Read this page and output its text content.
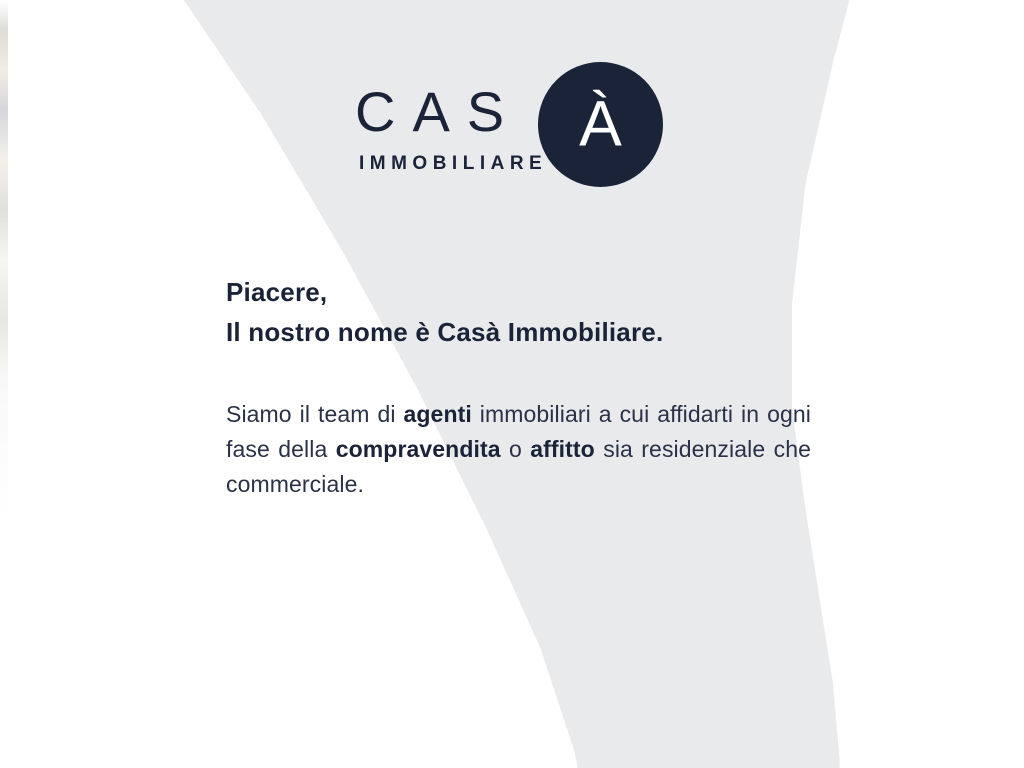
CAS À
IMMOBILIARE
Piacere,
Il nostro nome è Casà Immobiliare.

Siamo il team di agenti immobiliari a cui affidarti in ogni fase della compravendita o affitto sia residenziale che commerciale.
